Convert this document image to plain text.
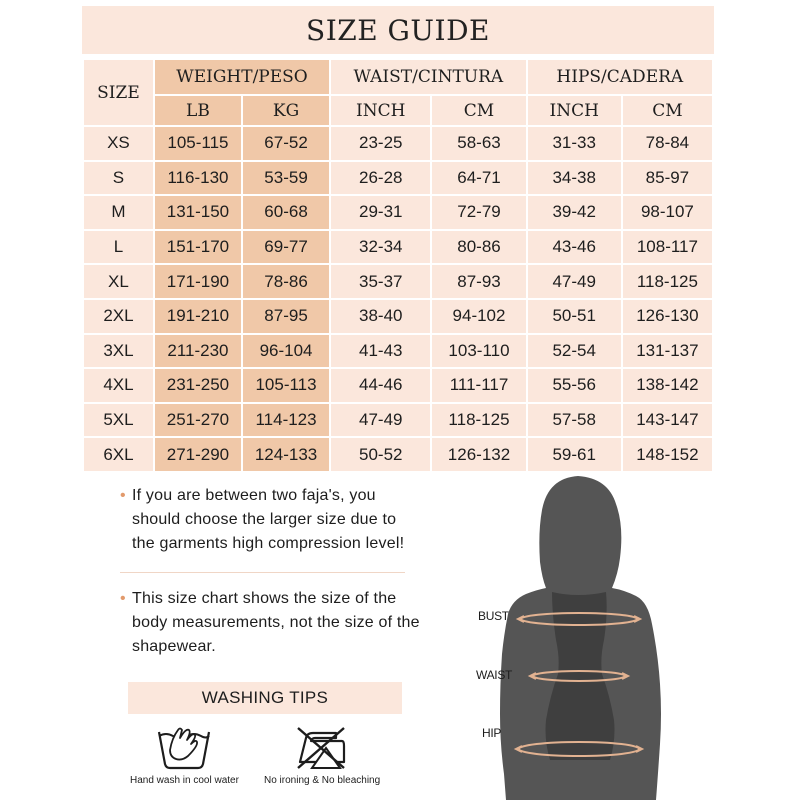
SIZE GUIDE
SIZE	WEIGHT/PESO		WAIST/CINTURA		HIPS/CADERA	
	LB	KG	INCH	CM	INCH	CM
XS	105-115	67-52	23-25	58-63	31-33	78-84
S	116-130	53-59	26-28	64-71	34-38	85-97
M	131-150	60-68	29-31	72-79	39-42	98-107
L	151-170	69-77	32-34	80-86	43-46	108-117
XL	171-190	78-86	35-37	87-93	47-49	118-125
2XL	191-210	87-95	38-40	94-102	50-51	126-130
3XL	211-230	96-104	41-43	103-110	52-54	131-137
4XL	231-250	105-113	44-46	111-117	55-56	138-142
5XL	251-270	114-123	47-49	118-125	57-58	143-147
6XL	271-290	124-133	50-52	126-132	59-61	148-152
• If you are between two faja's, you should choose the larger size due to the garments high compression level!
• This size chart shows the size of the body measurements, not the size of the shapewear.
WASHING TIPS
Hand wash in cool water	No ironing & No bleaching
BUST
WAIST
HIP
